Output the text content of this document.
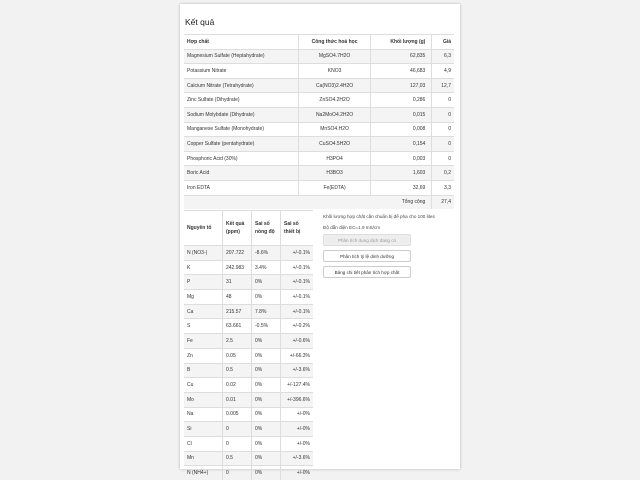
Kết quả
Hợp chất	Công thức hoá học	Khối lượng (g)	Giá
Magnesium Sulfate (Heptahydrate)	MgSO4.7H2O	62,835	6,3
Potassium Nitrate	KNO3	46,683	4,9
Calcium Nitrate (Tetrahydrate)	Ca(NO3)2.4H2O	127,03	12,7
Zinc Sulfate (Dihydrate)	ZnSO4.2H2O	0,286	0
Sodium Molybdate (Dihydrate)	Na2MoO4.2H2O	0,015	0
Manganese Sulfate (Monohydrate)	MnSO4.H2O	0,008	0
Copper Sulfate (pentahydrate)	CuSO4.5H2O	0,154	0
Phosphoric Acid (30%)	H3PO4	0,003	0
Boric Acid	H3BO3	1,603	0,2
Iron EDTA	Fe(EDTA)	32,69	3,3
		Tổng cộng	27,4
Nguyên tố	Kết quả (ppm)	Sai số nồng độ	Sai số thiết bị
N (NO3-)	207.722	-8.6%	+/-0.1%
K	242.983	3.4%	+/-0.1%
P	31	0%	+/-0.1%
Mg	48	0%	+/-0.1%
Ca	215.57	7.8%	+/-0.1%
S	63.661	-0.5%	+/-0.2%
Fe	2.5	0%	+/-0.6%
Zn	0.05	0%	+/-66.3%
B	0.5	0%	+/-3.6%
Cu	0.02	0%	+/-127.4%
Mo	0.01	0%	+/-396.6%
Na	0.005	0%	+/-0%
Si	0	0%	+/-0%
Cl	0	0%	+/-0%
Mn	0.5	0%	+/-3.6%
N (NH4+)	0	0%	+/-0%
Khối lượng hợp chất cần chuẩn bị để pha cho 100 lites
Độ dẫn điện EC=1.9 mS/cm
Phân tích dung dịch đang có
Phân tích tỷ lệ dinh dưỡng
Bảng chi tiết phân tích hợp chất
